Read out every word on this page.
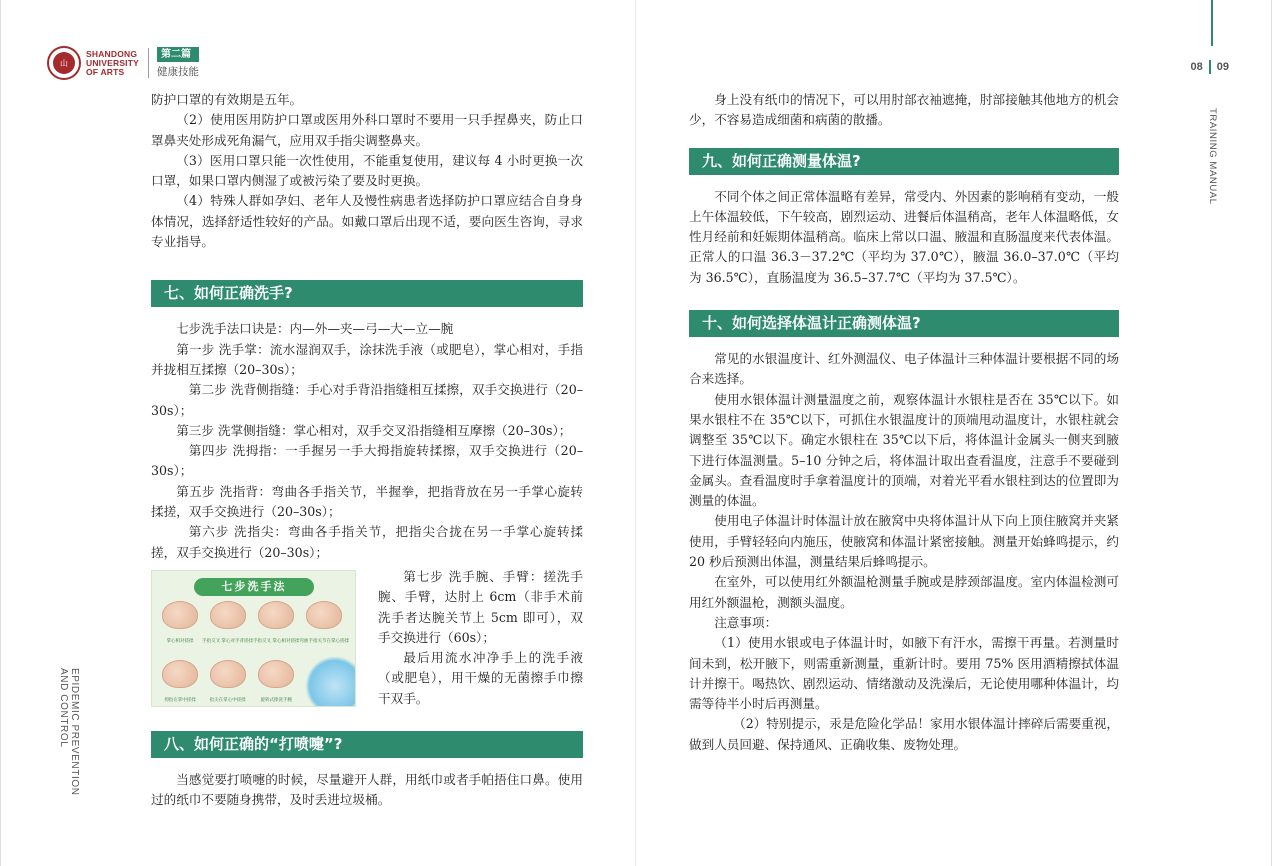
山
SHANDONG
UNIVERSITY
OF ARTS
第二篇
健康技能
EPIDEMIC PREVENTION
AND CONTROL

防护口罩的有效期是五年。

（2）使用医用防护口罩或医用外科口罩时不要用一只手捏鼻夹，防止口罩鼻夹处形成死角漏气，应用双手指尖调整鼻夹。

（3）医用口罩只能一次性使用，不能重复使用，建议每 4 小时更换一次口罩，如果口罩内侧湿了或被污染了要及时更换。

（4）特殊人群如孕妇、老年人及慢性病患者选择防护口罩应结合自身身体情况，选择舒适性较好的产品。如戴口罩后出现不适，要向医生咨询，寻求专业指导。

七、如何正确洗手?

七步洗手法口诀是：内—外—夹—弓—大—立—腕

第一步 洗手掌：流水湿润双手，涂抹洗手液（或肥皂），掌心相对，手指并拢相互揉擦（20–30s）；

第二步 洗背侧指缝：手心对手背沿指缝相互揉擦，双手交换进行（20–30s）；

第三步 洗掌侧指缝：掌心相对，双手交叉沿指缝相互摩擦（20–30s）；

第四步 洗拇指：一手握另一手大拇指旋转揉擦，双手交换进行（20–30s）；

第五步 洗指背：弯曲各手指关节，半握拳，把指背放在另一手掌心旋转揉搓，双手交换进行（20–30s）；

第六步 洗指尖：弯曲各手指关节，把指尖合拢在另一手掌心旋转揉搓，双手交换进行（20–30s）；

七步洗手法
掌心相对搓揉 手指交叉 掌心对手背搓揉 手指交叉 掌心相对搓揉 弯曲手指关节在掌心搓揉
拇指在掌中搓揉	指尖在掌心中搓揉	旋转式擦洗手腕

第七步 洗手腕、手臂：搓洗手腕、手臂，达肘上 6cm（非手术前洗手者达腕关节上 5cm 即可），双手交换进行（60s）；

最后用流水冲净手上的洗手液（或肥皂），用干燥的无菌擦手巾擦干双手。

八、如何正确的“打喷嚏”?

当感觉要打喷嚏的时候，尽量避开人群，用纸巾或者手帕捂住口鼻。使用过的纸巾不要随身携带，及时丢进垃圾桶。

08 09
TRAINING MANUAL

身上没有纸巾的情况下，可以用肘部衣袖遮掩，肘部接触其他地方的机会少，不容易造成细菌和病菌的散播。

九、如何正确测量体温?

不同个体之间正常体温略有差异，常受内、外因素的影响稍有变动，一般上午体温较低，下午较高，剧烈运动、进餐后体温稍高，老年人体温略低，女性月经前和妊娠期体温稍高。临床上常以口温、腋温和直肠温度来代表体温。正常人的口温 36.3－37.2℃（平均为 37.0℃），腋温 36.0–37.0℃（平均为 36.5℃），直肠温度为 36.5–37.7℃（平均为 37.5℃）。

十、如何选择体温计正确测体温?

常见的水银温度计、红外测温仪、电子体温计三种体温计要根据不同的场合来选择。

使用水银体温计测量温度之前，观察体温计水银柱是否在 35℃以下。如果水银柱不在 35℃以下，可抓住水银温度计的顶端甩动温度计，水银柱就会调整至 35℃以下。确定水银柱在 35℃以下后，将体温计金属头一侧夹到腋下进行体温测量。5–10 分钟之后，将体温计取出查看温度，注意手不要碰到金属头。查看温度时手拿着温度计的顶端，对着光平看水银柱到达的位置即为测量的体温。

使用电子体温计时体温计放在腋窝中央将体温计从下向上顶住腋窝并夹紧使用，手臂轻轻向内施压，使腋窝和体温计紧密接触。测量开始蜂鸣提示，约 20 秒后预测出体温，测量结果后蜂鸣提示。

在室外，可以使用红外额温枪测量手腕或是脖颈部温度。室内体温检测可用红外额温枪，测额头温度。

注意事项：

（1）使用水银或电子体温计时，如腋下有汗水，需擦干再量。若测量时间未到，松开腋下，则需重新测量，重新计时。要用 75% 医用酒精擦拭体温计并擦干。喝热饮、剧烈运动、情绪激动及洗澡后，无论使用哪种体温计，均需等待半小时后再测量。

（2）特别提示，汞是危险化学品！家用水银体温计摔碎后需要重视，做到人员回避、保持通风、正确收集、废物处理。
